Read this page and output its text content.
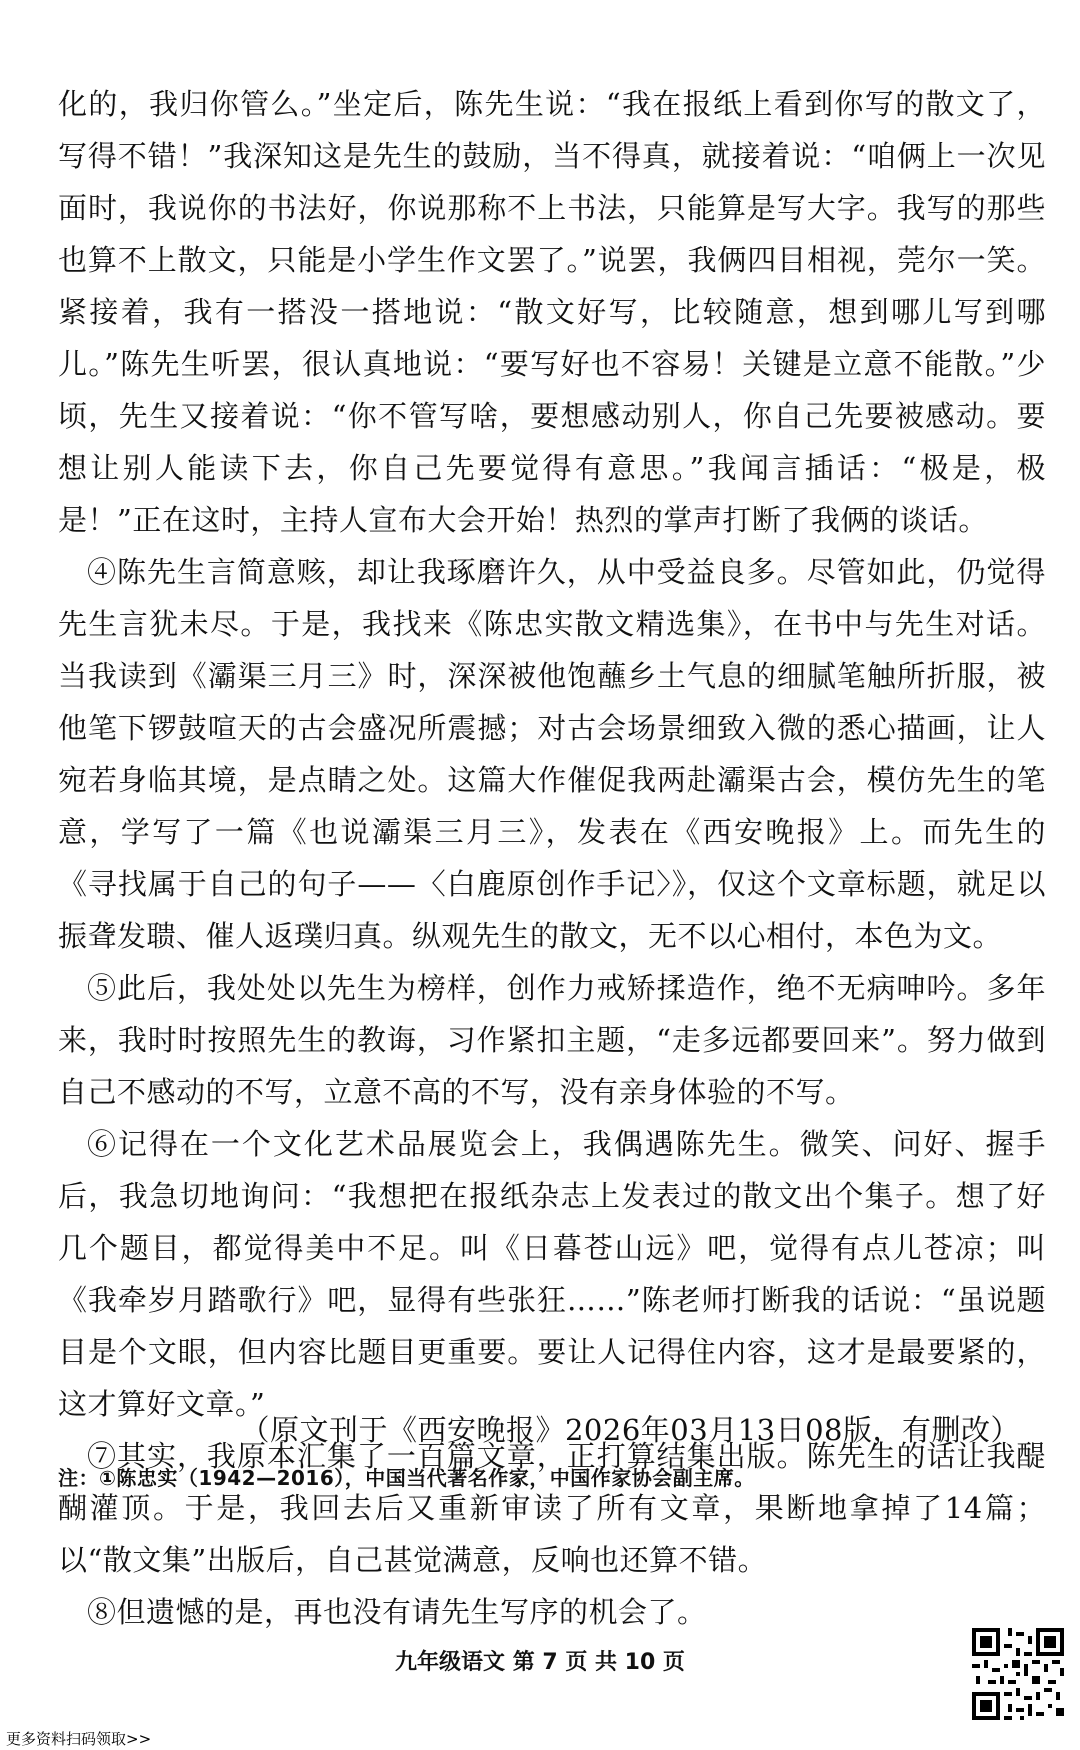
化的，我归你管么。”坐定后，陈先生说：“我在报纸上看到你写的散文了，写得不错！”我深知这是先生的鼓励，当不得真，就接着说：“咱俩上一次见面时，我说你的书法好，你说那称不上书法，只能算是写大字。我写的那些也算不上散文，只能是小学生作文罢了。”说罢，我俩四目相视，莞尔一笑。紧接着，我有一搭没一搭地说：“散文好写，比较随意，想到哪儿写到哪儿。”陈先生听罢，很认真地说：“要写好也不容易！关键是立意不能散。”少顷，先生又接着说：“你不管写啥，要想感动别人，你自己先要被感动。要想让别人能读下去，你自己先要觉得有意思。”我闻言插话：“极是，极是！”正在这时，主持人宣布大会开始！热烈的掌声打断了我俩的谈话。

④陈先生言简意赅，却让我琢磨许久，从中受益良多。尽管如此，仍觉得先生言犹未尽。于是，我找来《陈忠实散文精选集》，在书中与先生对话。当我读到《灞渠三月三》时，深深被他饱蘸乡土气息的细腻笔触所折服，被他笔下锣鼓喧天的古会盛况所震撼；对古会场景细致入微的悉心描画，让人宛若身临其境，是点睛之处。这篇大作催促我两赴灞渠古会，模仿先生的笔意，学写了一篇《也说灞渠三月三》，发表在《西安晚报》上。而先生的《寻找属于自己的句子——〈白鹿原创作手记〉》，仅这个文章标题，就足以振聋发聩、催人返璞归真。纵观先生的散文，无不以心相付，本色为文。

⑤此后，我处处以先生为榜样，创作力戒矫揉造作，绝不无病呻吟。多年来，我时时按照先生的教诲，习作紧扣主题，“走多远都要回来”。努力做到自己不感动的不写，立意不高的不写，没有亲身体验的不写。

⑥记得在一个文化艺术品展览会上，我偶遇陈先生。微笑、问好、握手后，我急切地询问：“我想把在报纸杂志上发表过的散文出个集子。想了好几个题目，都觉得美中不足。叫《日暮苍山远》吧，觉得有点儿苍凉；叫《我牵岁月踏歌行》吧，显得有些张狂……”陈老师打断我的话说：“虽说题目是个文眼，但内容比题目更重要。要让人记得住内容，这才是最要紧的，这才算好文章。”

⑦其实，我原本汇集了一百篇文章，正打算结集出版。陈先生的话让我醍醐灌顶。于是，我回去后又重新审读了所有文章，果断地拿掉了14篇；以“散文集”出版后，自己甚觉满意，反响也还算不错。

⑧但遗憾的是，再也没有请先生写序的机会了。

（原文刊于《西安晚报》2026年03月13日08版，有删改）
注：①陈忠实（1942—2016），中国当代著名作家，中国作家协会副主席。
九年级语文 第 7 页 共 10 页
更多资料扫码领取>>
